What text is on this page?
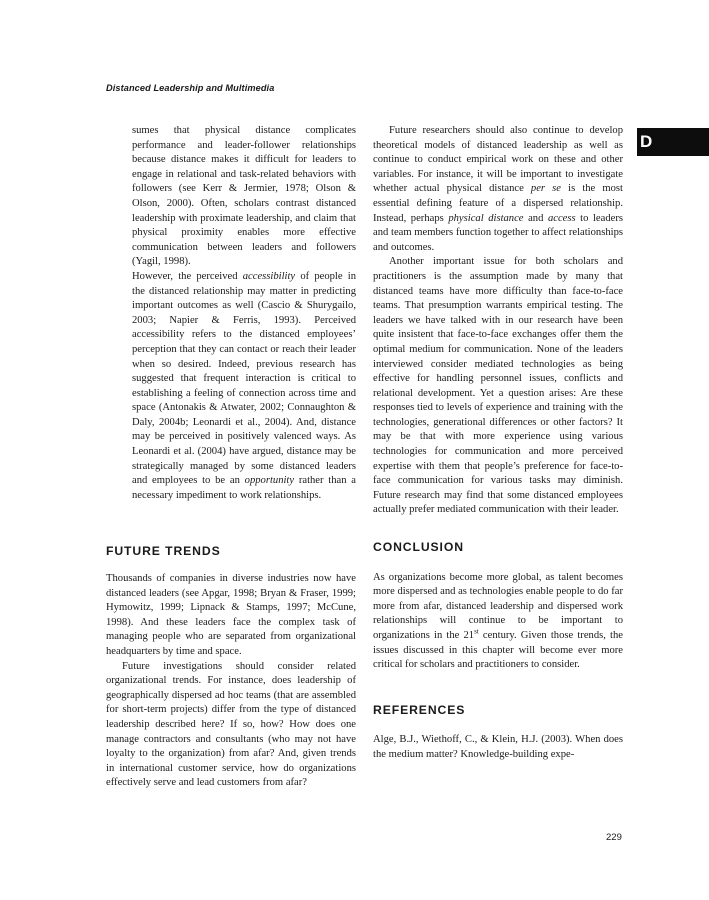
Distanced Leadership and Multimedia
D

sumes that physical distance complicates performance and leader-follower relationships because distance makes it difficult for leaders to engage in relational and task-related behaviors with followers (see Kerr & Jermier, 1978; Olson & Olson, 2000). Often, scholars contrast distanced leadership with proximate leadership, and claim that physical proximity enables more effective communication between leaders and followers (Yagil, 1998).

However, the perceived accessibility of people in the distanced relationship may matter in predicting important outcomes as well (Cascio & Shurygailo, 2003; Napier & Ferris, 1993). Perceived accessibility refers to the distanced employees’ perception that they can contact or reach their leader when so desired. Indeed, previous research has suggested that frequent interaction is critical to establishing a feeling of connection across time and space (Antonakis & Atwater, 2002; Connaughton & Daly, 2004b; Leonardi et al., 2004). And, distance may be perceived in positively valenced ways. As Leonardi et al. (2004) have argued, distance may be strategically managed by some distanced leaders and employees to be an opportunity rather than a necessary impediment to work relationships.

FUTURE TRENDS

Thousands of companies in diverse industries now have distanced leaders (see Apgar, 1998; Bryan & Fraser, 1999; Hymowitz, 1999; Lipnack & Stamps, 1997; McCune, 1998). And these leaders face the complex task of managing people who are separated from organizational headquarters by time and space.

Future investigations should consider related organizational trends. For instance, does leadership of geographically dispersed ad hoc teams (that are assembled for short-term projects) differ from the type of distanced leadership described here? If so, how? How does one manage contractors and consultants (who may not have loyalty to the organization) from afar? And, given trends in international customer service, how do organizations effectively serve and lead customers from afar?

Future researchers should also continue to develop theoretical models of distanced leadership as well as continue to conduct empirical work on these and other variables. For instance, it will be important to investigate whether actual physical distance per se is the most essential defining feature of a dispersed relationship. Instead, perhaps physical distance and access to leaders and team members function together to affect relationships and outcomes.

Another important issue for both scholars and practitioners is the assumption made by many that distanced teams have more difficulty than face-to-face teams. That presumption warrants empirical testing. The leaders we have talked with in our research have been quite insistent that face-to-face exchanges offer them the optimal medium for communication. None of the leaders interviewed consider mediated technologies as being effective for handling personnel issues, conflicts and relational development. Yet a question arises: Are these responses tied to levels of experience and training with the technologies, generational differences or other factors? It may be that with more experience using various technologies for communication and more perceived expertise with them that people’s preference for face-to-face communication for various tasks may diminish. Future research may find that some distanced employees actually prefer mediated communication with their leader.

CONCLUSION

As organizations become more global, as talent becomes more dispersed and as technologies enable people to do far more from afar, distanced leadership and dispersed work relationships will continue to be important to organizations in the 21st century. Given those trends, the issues discussed in this chapter will become ever more critical for scholars and practitioners to consider.

REFERENCES

Alge, B.J., Wiethoff, C., & Klein, H.J. (2003). When does the medium matter? Knowledge-building expe-

229
